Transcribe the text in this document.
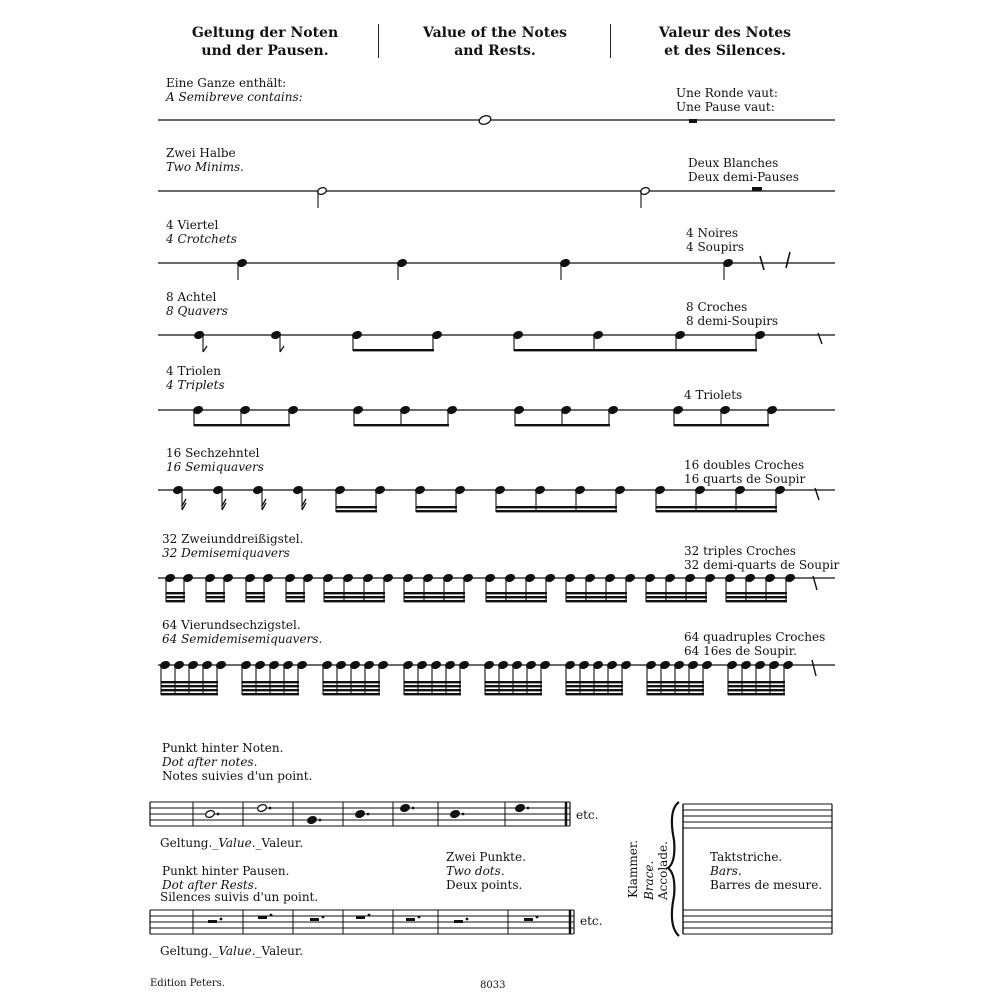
Geltung der Noten
und der Pausen.
Value of the Notes
and Rests.
Valeur des Notes
et des Silences.
Eine Ganze enthält:
A Semibreve contains:	Une Ronde vaut:
Une Pause vaut:
Zwei Halbe
Two Minims.	Deux Blanches
Deux demi-Pauses
4 Viertel
4 Crotchets	4 Noires
4 Soupirs
8 Achtel
8 Quavers	8 Croches
8 demi-Soupirs
4 Triolen
4 Triplets
4 Triolets
16 Sechzehntel
16 Semiquavers	16 doubles Croches
16 quarts de Soupir
32 Zweiunddreißigstel.
32 Demisemiquavers	32 triples Croches
32 demi-quarts de Soupir
64 Vierundsechzigstel.
64 Semidemisemiquavers.	64 quadruples Croches
64 16es de Soupir.
Punkt hinter Noten.
Dot after notes.
Notes suivies d'un point.
etc.
Geltung._Value._Valeur.
Punkt hinter Pausen.
Dot after Rests.
Silences suivis d'un point.
etc.
Geltung._Value._Valeur.
Zwei Punkte.
Two dots.
Deux points.	Klammer. Brace. Accolade.	Taktstriche.
Bars.
Barres de mesure.
Edition Peters.	8033
